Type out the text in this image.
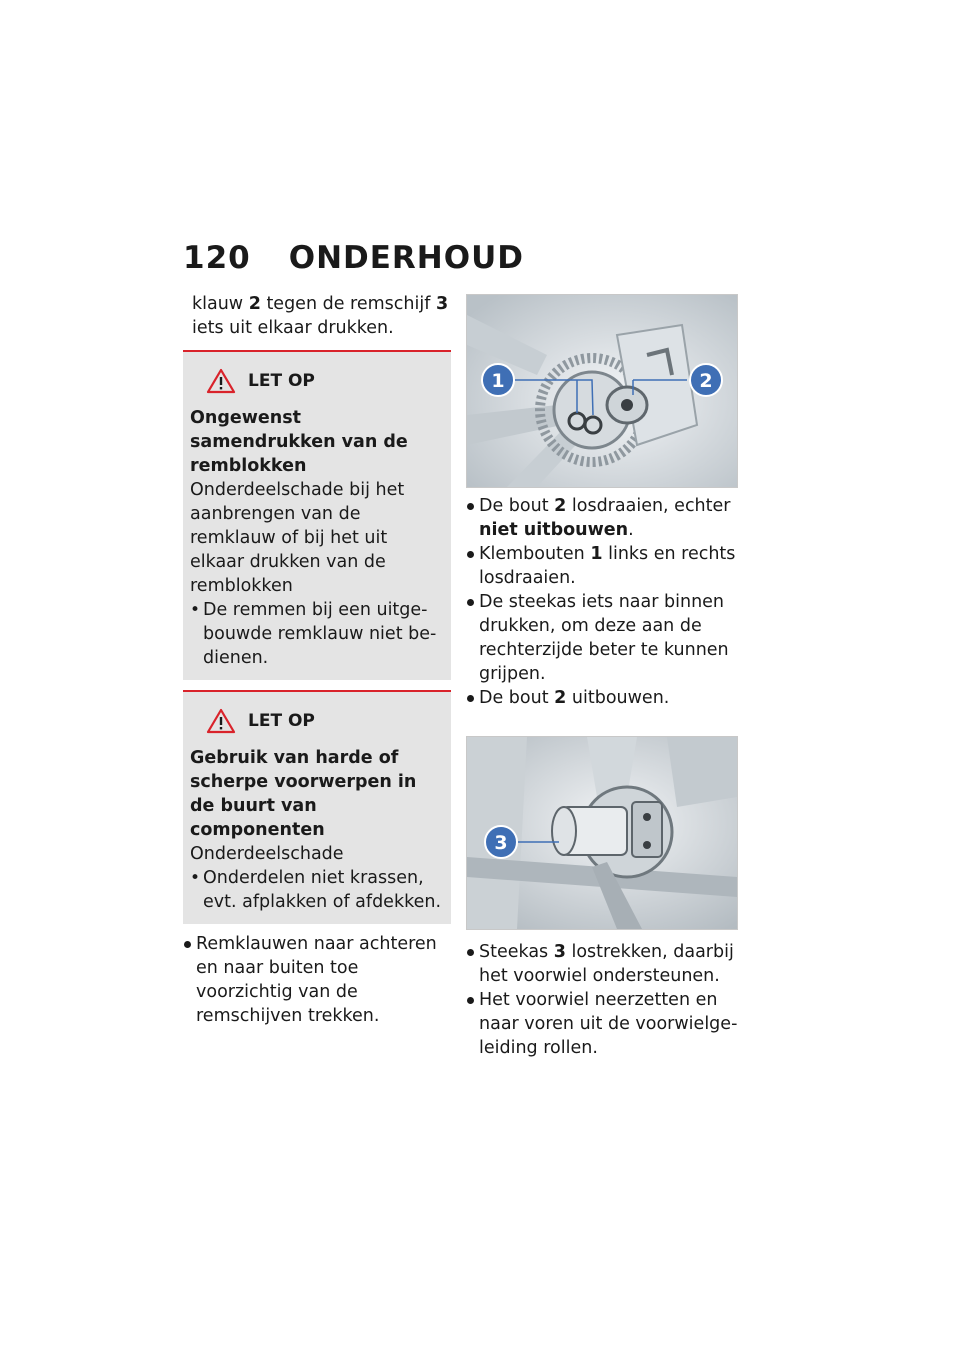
120 ONDERHOUD

klauw 2 tegen de remschijf 3
iets uit elkaar drukken.

LET OP

Ongewenst samendrukken van de remblokken

Onderdeelschade bij het aanbrengen van de remklauw of bij het uit elkaar drukken van de remblokken

• De remmen bij een uitgebouwde remklauw niet bedienen.

LET OP

Gebruik van harde of scherpe voorwerpen in de buurt van componenten

Onderdeelschade

• Onderdelen niet krassen, evt. afplakken of afdekken.

Remklauwen naar achteren en naar buiten toe voorzichtig van de remschijven trekken.

1	2

De bout 2 losdraaien, echter niet uitbouwen.

Klembouten 1 links en rechts losdraaien.

De steekas iets naar binnen drukken, om deze aan de rechterzijde beter te kunnen grijpen.

De bout 2 uitbouwen.

3

Steekas 3 lostrekken, daarbij het voorwiel ondersteunen.

Het voorwiel neerzetten en naar voren uit de voorwielgeleiding rollen.
